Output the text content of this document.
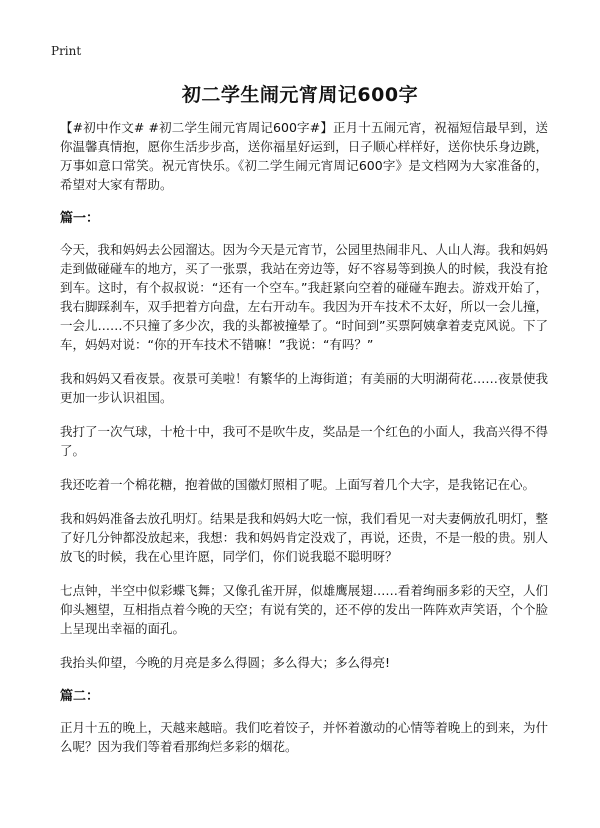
Print
初二学生闹元宵周记600字

【#初中作文# #初二学生闹元宵周记600字#】正月十五闹元宵，祝福短信最早到，送你温馨真情抱，愿你生活步步高，送你福星好运到，日子顺心样样好，送你快乐身边跳，万事如意口常笑。祝元宵快乐。《初二学生闹元宵周记600字》是文档网为大家准备的，希望对大家有帮助。

篇一：

今天，我和妈妈去公园溜达。因为今天是元宵节，公园里热闹非凡、人山人海。我和妈妈走到做碰碰车的地方，买了一张票，我站在旁边等，好不容易等到换人的时候，我没有抢到车。这时，有个叔叔说：“还有一个空车。”我赶紧向空着的碰碰车跑去。游戏开始了，我右脚踩刹车，双手把着方向盘，左右开动车。我因为开车技术不太好，所以一会儿撞，一会儿……不只撞了多少次，我的头都被撞晕了。“时间到”买票阿姨拿着麦克风说。下了车，妈妈对说：“你的开车技术不错嘛！”我说：“有吗？”

我和妈妈又看夜景。夜景可美啦！有繁华的上海街道；有美丽的大明湖荷花……夜景使我更加一步认识祖国。

我打了一次气球，十枪十中，我可不是吹牛皮，奖品是一个红色的小面人，我高兴得不得了。

我还吃着一个棉花糖，抱着做的国徽灯照相了呢。上面写着几个大字，是我铭记在心。

我和妈妈准备去放孔明灯。结果是我和妈妈大吃一惊，我们看见一对夫妻俩放孔明灯，整了好几分钟都没放起来，我想：我和妈妈肯定没戏了，再说，还贵，不是一般的贵。别人放飞的时候，我在心里许愿，同学们，你们说我聪不聪明呀？

七点钟，半空中似彩蝶飞舞；又像孔雀开屏，似雄鹰展翅……看着绚丽多彩的天空，人们仰头翘望，互相指点着今晚的天空；有说有笑的，还不停的发出一阵阵欢声笑语，个个脸上呈现出幸福的面孔。

我抬头仰望，今晚的月亮是多么得圆；多么得大；多么得亮!

篇二：

正月十五的晚上，天越来越暗。我们吃着饺子，并怀着激动的心情等着晚上的到来，为什么呢？因为我们等着看那绚烂多彩的烟花。
